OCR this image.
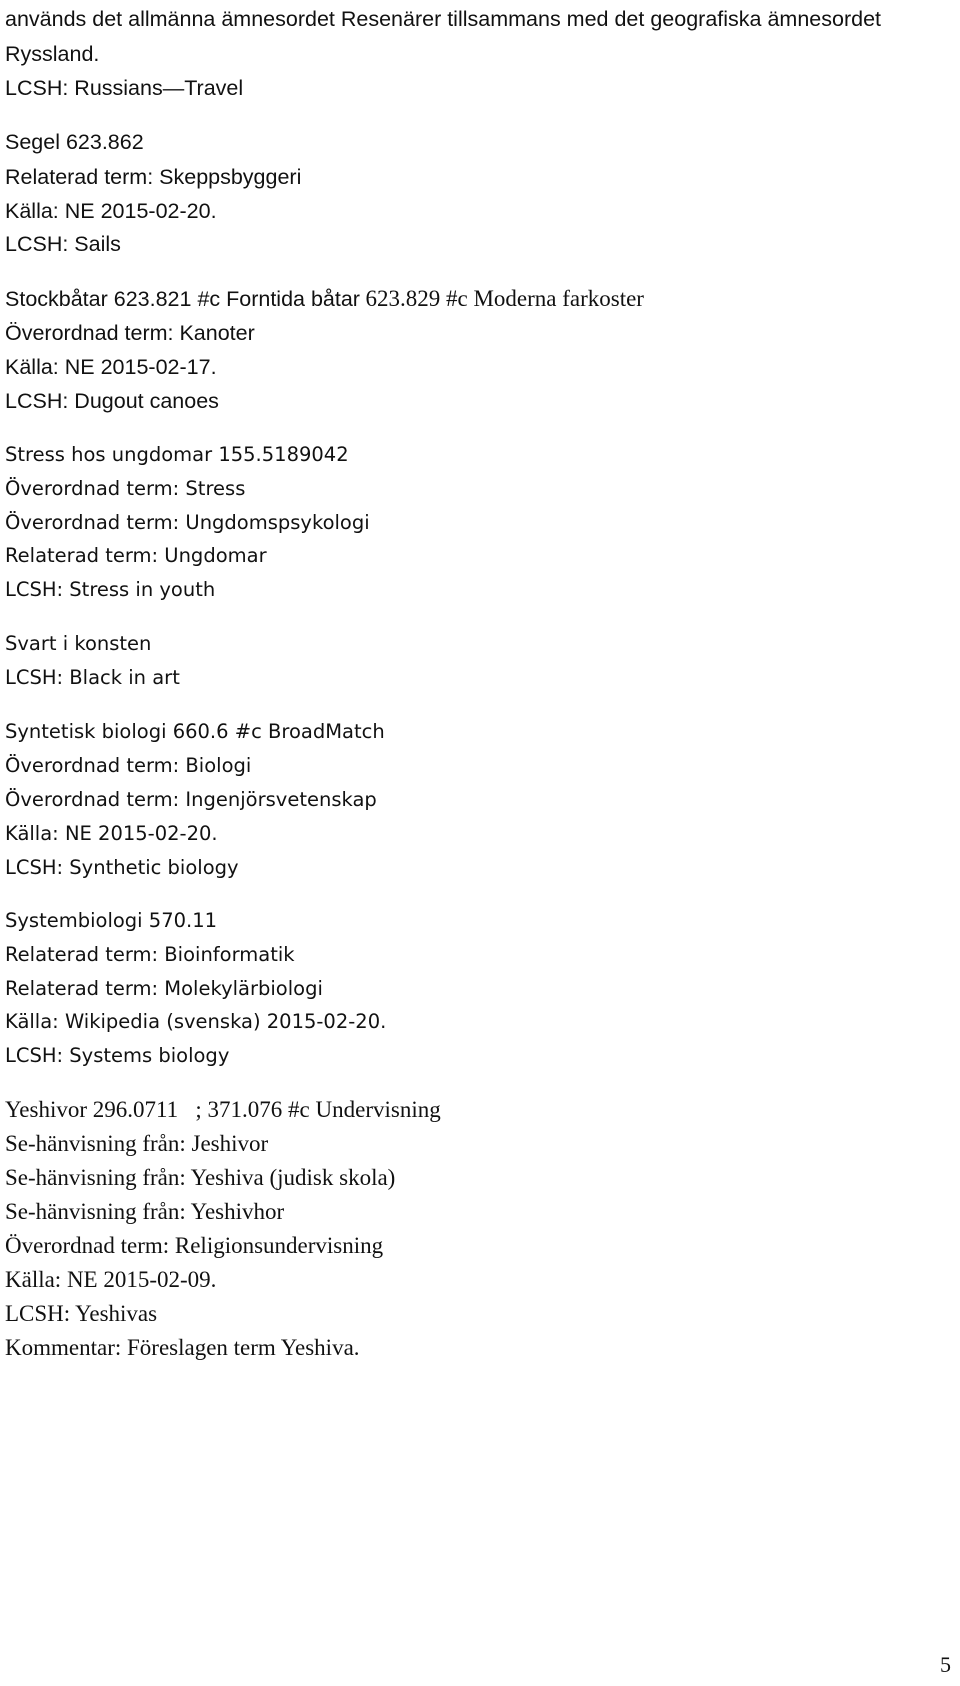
används det allmänna ämnesordet Resenärer tillsammans med det geografiska ämnesordet
Ryssland.
LCSH: Russians—Travel
Segel 623.862
Relaterad term: Skeppsbyggeri
Källa: NE 2015-02-20.
LCSH: Sails
Stockbåtar 623.821 #c Forntida båtar 623.829 #c Moderna farkoster
Överordnad term: Kanoter
Källa: NE 2015-02-17.
LCSH: Dugout canoes
Stress hos ungdomar 155.5189042
Överordnad term: Stress
Överordnad term: Ungdomspsykologi
Relaterad term: Ungdomar
LCSH: Stress in youth
Svart i konsten
LCSH: Black in art
Syntetisk biologi 660.6 #c BroadMatch
Överordnad term: Biologi
Överordnad term: Ingenjörsvetenskap
Källa: NE 2015-02-20.
LCSH: Synthetic biology
Systembiologi 570.11
Relaterad term: Bioinformatik
Relaterad term: Molekylärbiologi
Källa: Wikipedia (svenska) 2015-02-20.
LCSH: Systems biology
Yeshivor 296.0711   ; 371.076 #c Undervisning
Se-hänvisning från: Jeshivor
Se-hänvisning från: Yeshiva (judisk skola)
Se-hänvisning från: Yeshivhor
Överordnad term: Religionsundervisning
Källa: NE 2015-02-09.
LCSH: Yeshivas
Kommentar: Föreslagen term Yeshiva.
5
